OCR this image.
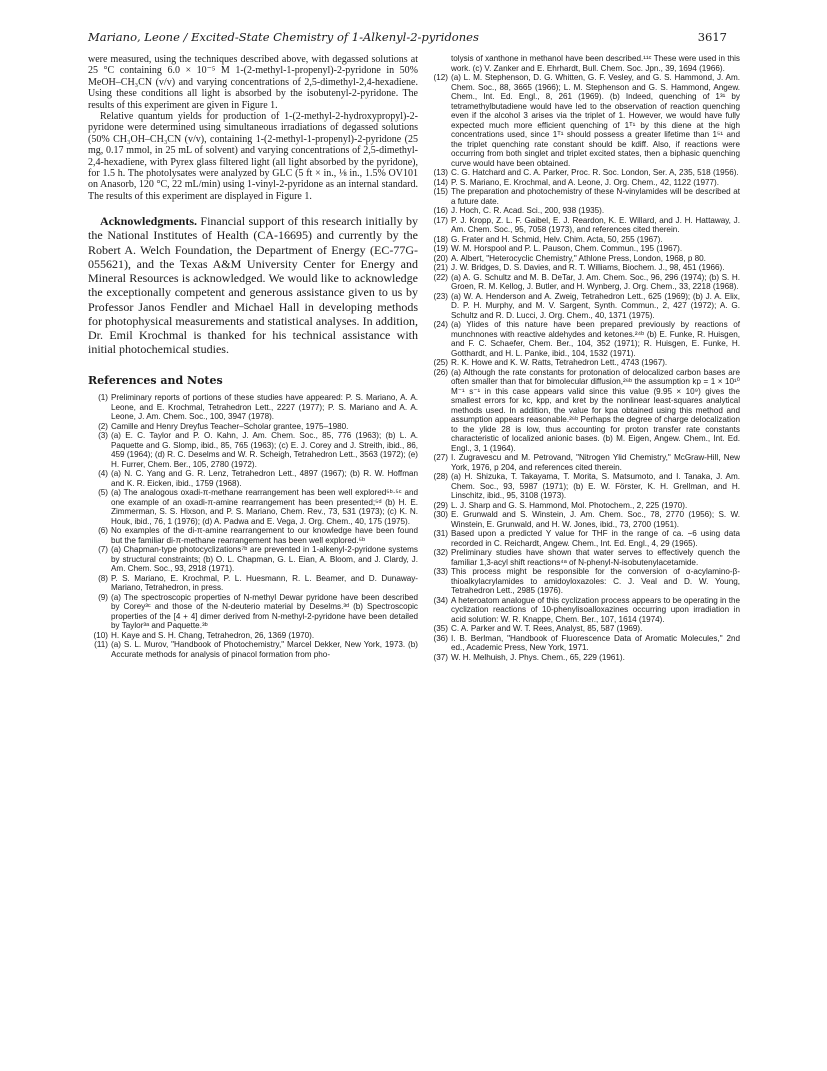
Mariano, Leone / Excited-State Chemistry of 1-Alkenyl-2-pyridones	3617

were measured, using the techniques described above, with degassed solutions at 25 °C containing 6.0 × 10⁻⁵ M 1-(2-methyl-1-propenyl)-2-pyridone in 50% MeOH–CH₃CN (v/v) and varying concentrations of 2,5-dimethyl-2,4-hexadiene. Using these conditions all light is absorbed by the isobutenyl-2-pyridone. The results of this experiment are given in Figure 1.

Relative quantum yields for production of 1-(2-methyl-2-hydroxypropyl)-2-pyridone were determined using simultaneous irradiations of degassed solutions (50% CH₃OH–CH₃CN (v/v), containing 1-(2-methyl-1-propenyl)-2-pyridone (25 mg, 0.17 mmol, in 25 mL of solvent) and varying concentrations of 2,5-dimethyl-2,4-hexadiene, with Pyrex glass filtered light (all light absorbed by the pyridone), for 1.5 h. The photolysates were analyzed by GLC (5 ft × in., ⅛ in., 1.5% OV101 on Anasorb, 120 °C, 22 mL/min) using 1-vinyl-2-pyridone as an internal standard. The results of this experiment are displayed in Figure 1.

Acknowledgments. Financial support of this research initially by the National Institutes of Health (CA-16695) and currently by the Robert A. Welch Foundation, the Department of Energy (EC-77G-055621), and the Texas A&M University Center for Energy and Mineral Resources is acknowledged. We would like to acknowledge the exceptionally competent and generous assistance given to us by Professor Janos Fendler and Michael Hall in developing methods for photophysical measurements and statistical analyses. In addition, Dr. Emil Krochmal is thanked for his technical assistance with initial photochemical studies.

References and Notes
(1) Preliminary reports of portions of these studies have appeared: P. S. Mariano, A. A. Leone, and E. Krochmal, Tetrahedron Lett., 2227 (1977); P. S. Mariano and A. A. Leone, J. Am. Chem. Soc., 100, 3947 (1978).
(2) Camille and Henry Dreyfus Teacher–Scholar grantee, 1975–1980.
(3) (a) E. C. Taylor and P. O. Kahn, J. Am. Chem. Soc., 85, 776 (1963); (b) L. A. Paquette and G. Slomp, ibid., 85, 765 (1963); (c) E. J. Corey and J. Streith, ibid., 86, 459 (1964); (d) R. C. Deselms and W. R. Scheigh, Tetrahedron Lett., 3563 (1972); (e) H. Furrer, Chem. Ber., 105, 2780 (1972).
(4) (a) N. C. Yang and G. R. Lenz, Tetrahedron Lett., 4897 (1967); (b) R. W. Hoffman and K. R. Eicken, ibid., 1759 (1968).
(5) (a) The analogous oxadi-π-methane rearrangement has been well explored⁵ᵇ·⁵ᶜ and one example of an oxadi-π-amine rearrangement has been presented;⁵ᵈ (b) H. E. Zimmerman, S. S. Hixson, and P. S. Mariano, Chem. Rev., 73, 531 (1973); (c) K. N. Houk, ibid., 76, 1 (1976); (d) A. Padwa and E. Vega, J. Org. Chem., 40, 175 (1975).
(6) No examples of the di-π-amine rearrangement to our knowledge have been found but the familiar di-π-methane rearrangement has been well explored.⁵ᵇ
(7) (a) Chapman-type photocyclizations⁷ᵇ are prevented in 1-alkenyl-2-pyridone systems by structural constraints; (b) O. L. Chapman, G. L. Eian, A. Bloom, and J. Clardy, J. Am. Chem. Soc., 93, 2918 (1971).
(8) P. S. Mariano, E. Krochmal, P. L. Huesmann, R. L. Beamer, and D. Dunaway-Mariano, Tetrahedron, in press.
(9) (a) The spectroscopic properties of N-methyl Dewar pyridone have been described by Corey³ᶜ and those of the N-deuterio material by Deselms.³ᵈ (b) Spectroscopic properties of the [4 + 4] dimer derived from N-methyl-2-pyridone have been detailed by Taylor³ᵃ and Paquette.³ᵇ
(10) H. Kaye and S. H. Chang, Tetrahedron, 26, 1369 (1970).
(11) (a) S. L. Murov, "Handbook of Photochemistry," Marcel Dekker, New York, 1973. (b) Accurate methods for analysis of pinacol formation from pho-
tolysis of xanthone in methanol have been described.¹¹ᶜ These were used in this work. (c) V. Zanker and E. Ehrhardt, Bull. Chem. Soc. Jpn., 39, 1694 (1966).
(12) (a) L. M. Stephenson, D. G. Whitten, G. F. Vesley, and G. S. Hammond, J. Am. Chem. Soc., 88, 3665 (1966); L. M. Stephenson and G. S. Hammond, Angew. Chem., Int. Ed. Engl., 8, 261 (1969). (b) Indeed, quenching of 1³¹ by tetramethylbutadiene would have led to the observation of reaction quenching even if the alcohol 3 arises via the triplet of 1. However, we would have fully expected much more efficient quenching of 1ᵀ¹ by this diene at the high concentrations used, since 1ᵀ¹ should possess a greater lifetime than 1⁵¹ and the triplet quenching rate constant should be kdiff. Also, if reactions were occurring from both singlet and triplet excited states, then a biphasic quenching curve would have been obtained.
(13) C. G. Hatchard and C. A. Parker, Proc. R. Soc. London, Ser. A, 235, 518 (1956).
(14) P. S. Mariano, E. Krochmal, and A. Leone, J. Org. Chem., 42, 1122 (1977).
(15) The preparation and photochemistry of these N-vinylamides will be described at a future date.
(16) J. Hoch, C. R. Acad. Sci., 200, 938 (1935).
(17) P. J. Kropp, Z. L. F. Gaibel, E. J. Reardon, K. E. Willard, and J. H. Hattaway, J. Am. Chem. Soc., 95, 7058 (1973), and references cited therein.
(18) G. Frater and H. Schmid, Helv. Chim. Acta, 50, 255 (1967).
(19) W. M. Horspool and P. L. Pauson, Chem. Commun., 195 (1967).
(20) A. Albert, "Heterocyclic Chemistry," Athlone Press, London, 1968, p 80.
(21) J. W. Bridges, D. S. Davies, and R. T. Williams, Biochem. J., 98, 451 (1966).
(22) (a) A. G. Schultz and M. B. DeTar, J. Am. Chem. Soc., 96, 296 (1974); (b) S. H. Groen, R. M. Kellog, J. Butler, and H. Wynberg, J. Org. Chem., 33, 2218 (1968).
(23) (a) W. A. Henderson and A. Zweig, Tetrahedron Lett., 625 (1969); (b) J. A. Elix, D. P. H. Murphy, and M. V. Sargent, Synth. Commun., 2, 427 (1972); A. G. Schultz and R. D. Lucci, J. Org. Chem., 40, 1371 (1975).
(24) (a) Ylides of this nature have been prepared previously by reactions of munchnones with reactive aldehydes and ketones.²⁴ᵇ (b) E. Funke, R. Huisgen, and F. C. Schaefer, Chem. Ber., 104, 352 (1971); R. Huisgen, E. Funke, H. Gotthardt, and H. L. Panke, ibid., 104, 1532 (1971).
(25) R. K. Howe and K. W. Ratts, Tetrahedron Lett., 4743 (1967).
(26) (a) Although the rate constants for protonation of delocalized carbon bases are often smaller than that for bimolecular diffusion,²⁶ᵇ the assumption kp = 1 × 10¹⁰ M⁻¹ s⁻¹ in this case appears valid since this value (9.95 × 10⁹) gives the smallest errors for kc, kpp, and kret by the nonlinear least-squares analytical methods used. In addition, the value for kpa obtained using this method and assumption appears reasonable.²⁶ᵇ Perhaps the degree of charge delocalization to the ylide 28 is low, thus accounting for proton transfer rate constants characteristic of localized anionic bases. (b) M. Eigen, Angew. Chem., Int. Ed. Engl., 3, 1 (1964).
(27) I. Zugravescu and M. Petrovand, "Nitrogen Ylid Chemistry," McGraw-Hill, New York, 1976, p 204, and references cited therein.
(28) (a) H. Shizuka, T. Takayama, T. Morita, S. Matsumoto, and I. Tanaka, J. Am. Chem. Soc., 93, 5987 (1971); (b) E. W. Förster, K. H. Grellman, and H. Linschitz, ibid., 95, 3108 (1973).
(29) L. J. Sharp and G. S. Hammond, Mol. Photochem., 2, 225 (1970).
(30) E. Grunwald and S. Winstein, J. Am. Chem. Soc., 78, 2770 (1956); S. W. Winstein, E. Grunwald, and H. W. Jones, ibid., 73, 2700 (1951).
(31) Based upon a predicted Y value for THF in the range of ca. −6 using data recorded in C. Reichardt, Angew. Chem., Int. Ed. Engl., 4, 29 (1965).
(32) Preliminary studies have shown that water serves to effectively quench the familiar 1,3-acyl shift reactions⁴ᵃ of N-phenyl-N-isobutenylacetamide.
(33) This process might be responsible for the conversion of α-acylamino-β-thioalkylacrylamides to amidoyloxazoles: C. J. Veal and D. W. Young, Tetrahedron Lett., 2985 (1976).
(34) A heteroatom analogue of this cyclization process appears to be operating in the cyclization reactions of 10-phenylisoalloxazines occurring upon irradiation in acid solution: W. R. Knappe, Chem. Ber., 107, 1614 (1974).
(35) C. A. Parker and W. T. Rees, Analyst, 85, 587 (1969).
(36) I. B. Berlman, "Handbook of Fluorescence Data of Aromatic Molecules," 2nd ed., Academic Press, New York, 1971.
(37) W. H. Melhuish, J. Phys. Chem., 65, 229 (1961).
